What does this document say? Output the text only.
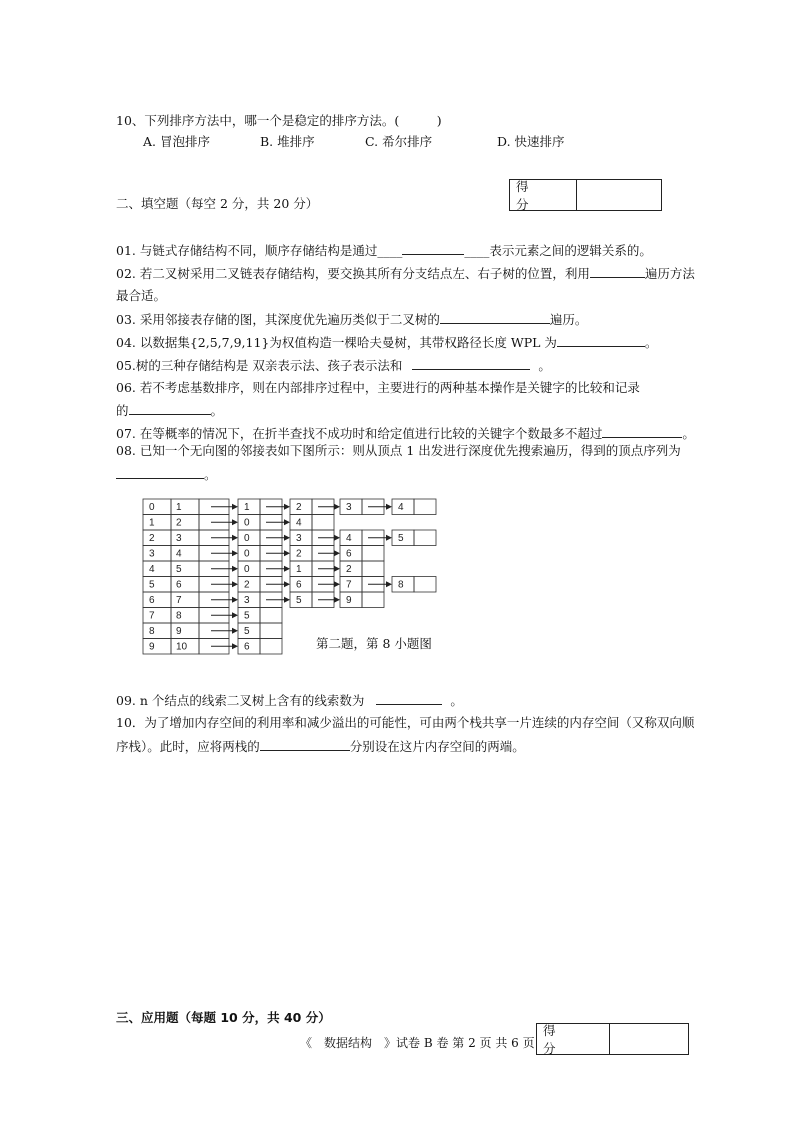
10、下列排序方法中，哪一个是稳定的排序方法。(　　　)
A. 冒泡排序	B. 堆排序	C. 希尔排序	D. 快速排序
二、填空题（每空 2 分，共 20 分）
得　分
01. 与链式存储结构不同，顺序存储结构是通过____	____表示元素之间的逻辑关系的。
02. 若二叉树采用二叉链表存储结构，要交换其所有分支结点左、右子树的位置，利用	遍历方法
最合适。
03. 采用邻接表存储的图，其深度优先遍历类似于二叉树的	遍历。
04. 以数据集{2,5,7,9,11}为权值构造一棵哈夫曼树，其带权路径长度 WPL 为	。
05.树的三种存储结构是 双亲表示法、孩子表示法和	。
06. 若不考虑基数排序，则在内部排序过程中，主要进行的两种基本操作是关键字的比较和记录
的	。
07. 在等概率的情况下，在折半查找不成功时和给定值进行比较的关键字个数最多不超过	。
08. 已知一个无向图的邻接表如下图所示：则从顶点 1 出发进行深度优先搜索遍历，得到的顶点序列为
。
0 1	1	2	3	4
1 2	0	4
2 3	0	3	4	5
3 4	0	2	6
4 5	0	1	2
5 6	2	6	7	8
6 7	3	5	9
7 8	5
8 9	5
9 10	6	第二题，第 8 小题图
09. n 个结点的线索二叉树上含有的线索数为	。
10．为了增加内存空间的利用率和减少溢出的可能性，可由两个栈共享一片连续的内存空间（又称双向顺
序栈）。此时，应将两栈的	分别设在这片内存空间的两端。
三、应用题（每题 10 分，共 40 分）
得　分
《　数据结构　》试卷 B 卷 第 2 页 共 6 页
